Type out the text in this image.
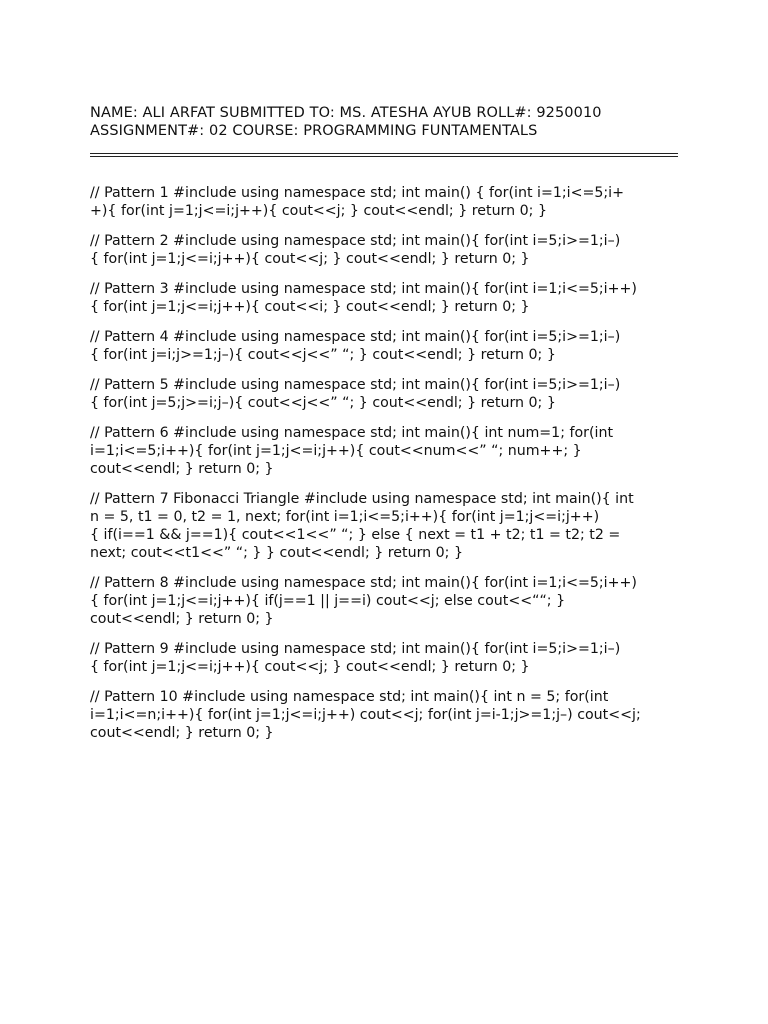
NAME: ALI ARFAT SUBMITTED TO: MS. ATESHA AYUB ROLL#: 9250010
ASSIGNMENT#: 02 COURSE: PROGRAMMING FUNTAMENTALS
// Pattern 1 #include using namespace std; int main() { for(int i=1;i<=5;i+
+){ for(int j=1;j<=i;j++){ cout<<j; } cout<<endl; } return 0; }
// Pattern 2 #include using namespace std; int main(){ for(int i=5;i>=1;i–)
{ for(int j=1;j<=i;j++){ cout<<j; } cout<<endl; } return 0; }
// Pattern 3 #include using namespace std; int main(){ for(int i=1;i<=5;i++)
{ for(int j=1;j<=i;j++){ cout<<i; } cout<<endl; } return 0; }
// Pattern 4 #include using namespace std; int main(){ for(int i=5;i>=1;i–)
{ for(int j=i;j>=1;j–){ cout<<j<<” “; } cout<<endl; } return 0; }
// Pattern 5 #include using namespace std; int main(){ for(int i=5;i>=1;i–)
{ for(int j=5;j>=i;j–){ cout<<j<<” “; } cout<<endl; } return 0; }
// Pattern 6 #include using namespace std; int main(){ int num=1; for(int
i=1;i<=5;i++){ for(int j=1;j<=i;j++){ cout<<num<<” “; num++; }
cout<<endl; } return 0; }
// Pattern 7 Fibonacci Triangle #include using namespace std; int main(){ int
n = 5, t1 = 0, t2 = 1, next; for(int i=1;i<=5;i++){ for(int j=1;j<=i;j++)
{ if(i==1 && j==1){ cout<<1<<” “; } else { next = t1 + t2; t1 = t2; t2 =
next; cout<<t1<<” “; } } cout<<endl; } return 0; }
// Pattern 8 #include using namespace std; int main(){ for(int i=1;i<=5;i++)
{ for(int j=1;j<=i;j++){ if(j==1 || j==i) cout<<j; else cout<<““; }
cout<<endl; } return 0; }
// Pattern 9 #include using namespace std; int main(){ for(int i=5;i>=1;i–)
{ for(int j=1;j<=i;j++){ cout<<j; } cout<<endl; } return 0; }
// Pattern 10 #include using namespace std; int main(){ int n = 5; for(int
i=1;i<=n;i++){ for(int j=1;j<=i;j++) cout<<j; for(int j=i-1;j>=1;j–) cout<<j;
cout<<endl; } return 0; }
